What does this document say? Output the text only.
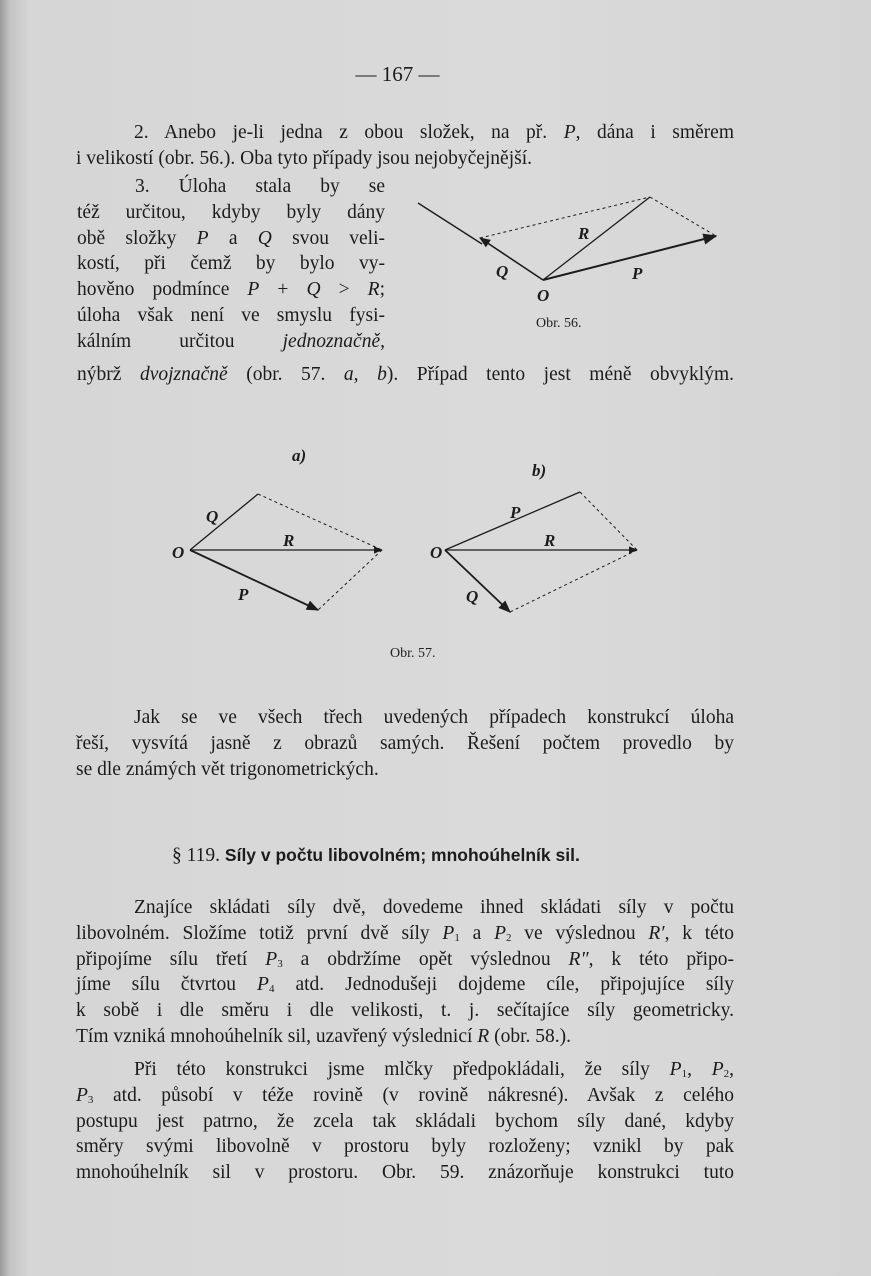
— 167 —
2. Anebo je-li jedna z obou složek, na př. P, dána i směrem
i velikostí (obr. 56.). Oba tyto případy jsou nejobyčejnější.
3. Úloha stala by se
též určitou, kdyby byly dány
obě složky P a Q svou veli-
kostí, při čemž by bylo vy-
hověno podmínce P + Q > R;
úloha však není ve smyslu fysi-
kálním určitou jednoznačně,
nýbrž dvojznačně (obr. 57. a, b). Případ tento jest méně obvyklým.
Jak se ve všech třech uvedených případech konstrukcí úloha
řeší, vysvítá jasně z obrazů samých. Řešení počtem provedlo by
se dle známých vět trigonometrických.
§ 119. Síly v počtu libovolném; mnohoúhelník sil.
Znajíce skládati síly dvě, dovedeme ihned skládati síly v počtu
libovolném. Složíme totiž první dvě síly $P_1$ a $P_2$ ve výslednou R′, k této
připojíme sílu třetí $P_3$ a obdržíme opět výslednou R″, k této připo-
jíme sílu čtvrtou $P_4$ atd. Jednodušeji dojdeme cíle, připojujíce síly
k sobě i dle směru i dle velikosti, t. j. sečítajíce síly geometricky.
Tím vzniká mnohoúhelník sil, uzavřený výslednicí R (obr. 58.).
Při této konstrukci jsme mlčky předpokládali, že síly $P_1$, $P_2$,
$P_3$ atd. působí v téže rovině (v rovině nákresné). Avšak z celého
postupu jest patrno, že zcela tak skládali bychom síly dané, kdyby
směry svými libovolně v prostoru byly rozloženy; vznikl by pak
mnohoúhelník sil v prostoru. Obr. 59. znázorňuje konstrukci tuto
R
Q	P
O
Obr. 56.
a)
Q
R
P
O
b)
P
R
Q
O
Obr. 57.
